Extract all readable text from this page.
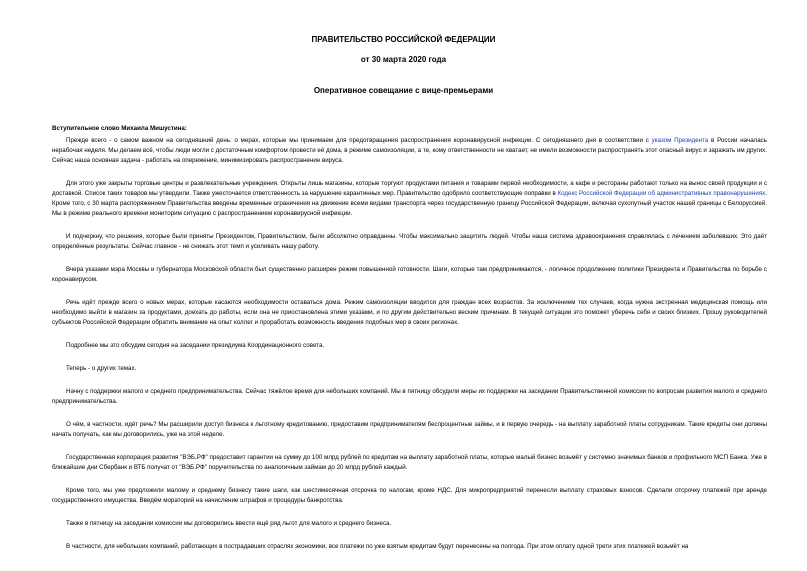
ПРАВИТЕЛЬСТВО РОССИЙСКОЙ ФЕДЕРАЦИИ

от 30 марта 2020 года

Оперативное совещание с вице-премьерами

Вступительное слово Михаила Мишустина:

Прежде всего - о самом важном на сегодняшний день: о мерах, которые мы принимаем для предотвращения распространения коронавирусной инфекции. С сегодняшнего дня в соответствии с указом Президента в России началась нерабочая неделя. Мы делаем всё, чтобы люди могли с достаточным комфортом провести её дома, в режиме самоизоляции, а те, кому ответственности не хватает, не имели возможности распространять этот опасный вирус и заражать им других. Сейчас наша основная задача - работать на опережение, минимизировать распространение вируса.

Для этого уже закрыты торговые центры и развлекательные учреждения. Открыты лишь магазины, которые торгуют продуктами питания и товарами первой необходимости, а кафе и рестораны работают только на вынос своей продукции и с доставкой. Список таких товаров мы утвердили. Также ужесточается ответственность за нарушение карантинных мер. Правительство одобрило соответствующие поправки в Кодекс Российской Федерации об административных правонарушениях. Кроме того, с 30 марта распоряжением Правительства введены временные ограничения на движение всеми видами транспорта через государственную границу Российской Федерации, включая сухопутный участок нашей границы с Белоруссией. Мы в режиме реального времени мониторим ситуацию с распространением коронавирусной инфекции.

И подчеркну, что решения, которые были приняты Президентом, Правительством, были абсолютно оправданны. Чтобы максимально защитить людей. Чтобы наша система здравоохранения справлялась с лечением заболевших. Это даёт определённые результаты. Сейчас главное - не снижать этот темп и усиливать нашу работу.

Вчера указами мэра Москвы и губернатора Московской области был существенно расширен режим повышенной готовности. Шаги, которые там предпринимаются, - логичное продолжение политики Президента и Правительства по борьбе с коронавирусом.

Речь идёт прежде всего о новых мерах, которые касаются необходимости оставаться дома. Режим самоизоляции вводится для граждан всех возрастов. За исключением тех случаев, когда нужна экстренная медицинская помощь или необходимо выйти в магазин за продуктами, доехать до работы, если она не приостановлена этими указами, и по другим действительно веским причинам. В текущей ситуации это поможет уберечь себя и своих близких. Прошу руководителей субъектов Российской Федерации обратить внимание на опыт коллег и проработать возможность введения подобных мер в своих регионах.

Подробнее мы это обсудим сегодня на заседании президиума Координационного совета.

Теперь - о других темах.

Начну с поддержки малого и среднего предпринимательства. Сейчас тяжёлое время для небольших компаний. Мы в пятницу обсудили меры их поддержки на заседании Правительственной комиссии по вопросам развития малого и среднего предпринимательства.

О чём, в частности, идёт речь? Мы расширили доступ бизнеса к льготному кредитованию, предоставим предпринимателям беспроцентные займы, и в первую очередь - на выплату заработной платы сотрудникам. Такие кредиты они должны начать получать, как мы договорились, уже на этой неделе.

Государственная корпорация развития "ВЭБ.РФ" предоставит гарантии на сумму до 100 млрд рублей по кредитам на выплату заработной платы, которые малый бизнес возьмёт у системно значимых банков и профильного МСП Банка. Уже в ближайшие дни Сбербанк и ВТБ получат от "ВЭБ.РФ" поручительства по аналогичным займам до 20 млрд рублей каждый.

Кроме того, мы уже предложили малому и среднему бизнесу такие шаги, как шестимесячная отсрочка по налогам, кроме НДС. Для микропредприятий перенесли выплату страховых взносов. Сделали отсрочку платежей при аренде государственного имущества. Введём мораторий на начисление штрафов и процедуры банкротства.

Также в пятницу на заседании комиссии мы договорились ввести ещё ряд льгот для малого и среднего бизнеса.

В частности, для небольших компаний, работающих в пострадавших отраслях экономики, все платежи по уже взятым кредитам будут перенесены на полгода. При этом оплату одной трети этих платежей возьмёт на
